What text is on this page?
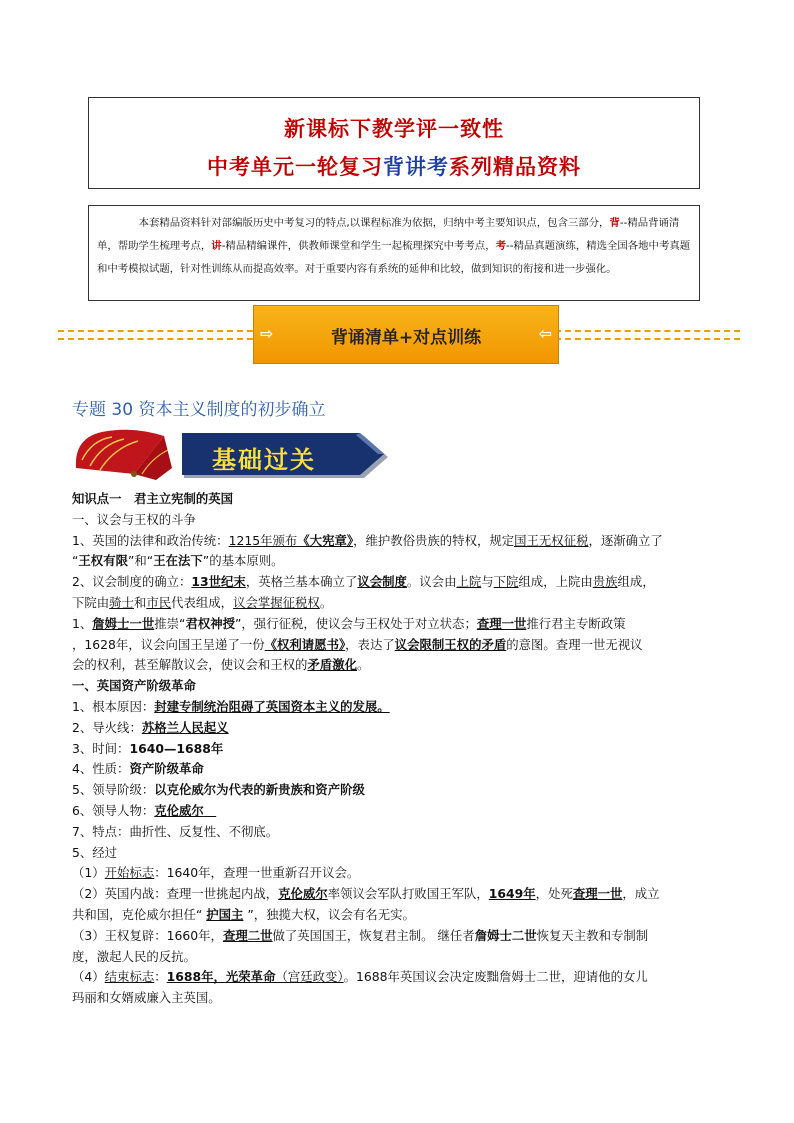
新课标下教学评一致性
中考单元一轮复习背讲考系列精品资料
    本套精品资料针对部编版历史中考复习的特点,以课程标准为依据，归纳中考主要知识点，包含三部分，背--精品背诵清单，帮助学生梳理考点，讲-精品精编课件，供教师课堂和学生一起梳理探究中考考点，考--精品真题演练，精选全国各地中考真题和中考模拟试题，针对性训练从而提高效率。对于重要内容有系统的延伸和比较，做到知识的衔接和进一步强化。
⇨	背诵清单+对点训练	⇦
专题 30 资本主义制度的初步确立
基础过关

知识点一　君主立宪制的英国

一、议会与王权的斗争

1、英国的法律和政治传统：1215年颁布《大宪章》，维护教俗贵族的特权，规定国王无权征税，逐渐确立了

“王权有限”和“王在法下”的基本原则。

2、议会制度的确立：13世纪末，英格兰基本确立了议会制度。议会由上院与下院组成，上院由贵族组成，

下院由骑士和市民代表组成，议会掌握征税权。

1、詹姆士一世推崇“君权神授”，强行征税，使议会与王权处于对立状态；查理一世推行君主专断政策

，1628年，议会向国王呈递了一份《权利请愿书》，表达了议会限制王权的矛盾的意图。查理一世无视议

会的权利，甚至解散议会，使议会和王权的矛盾激化。

一、英国资产阶级革命

1、根本原因：封建专制统治阻碍了英国资本主义的发展。

2、导火线：苏格兰人民起义

3、时间：1640—1688年

4、性质：资产阶级革命

5、领导阶级：以克伦威尔为代表的新贵族和资产阶级

6、领导人物：克伦威尔 

7、特点：曲折性、反复性、不彻底。

5、经过

（1）开始标志：1640年，查理一世重新召开议会。

（2）英国内战：查理一世挑起内战，克伦威尔率领议会军队打败国王军队，1649年，处死查理一世，成立

共和国，克伦威尔担任“ 护国主 ”，独揽大权，议会有名无实。

（3）王权复辟：1660年，查理二世做了英国国王，恢复君主制。 继任者詹姆士二世恢复天主教和专制制

度，激起人民的反抗。

（4）结束标志：1688年，光荣革命（宫廷政变）。1688年英国议会决定废黜詹姆士二世，迎请他的女儿

玛丽和女婿威廉入主英国。
